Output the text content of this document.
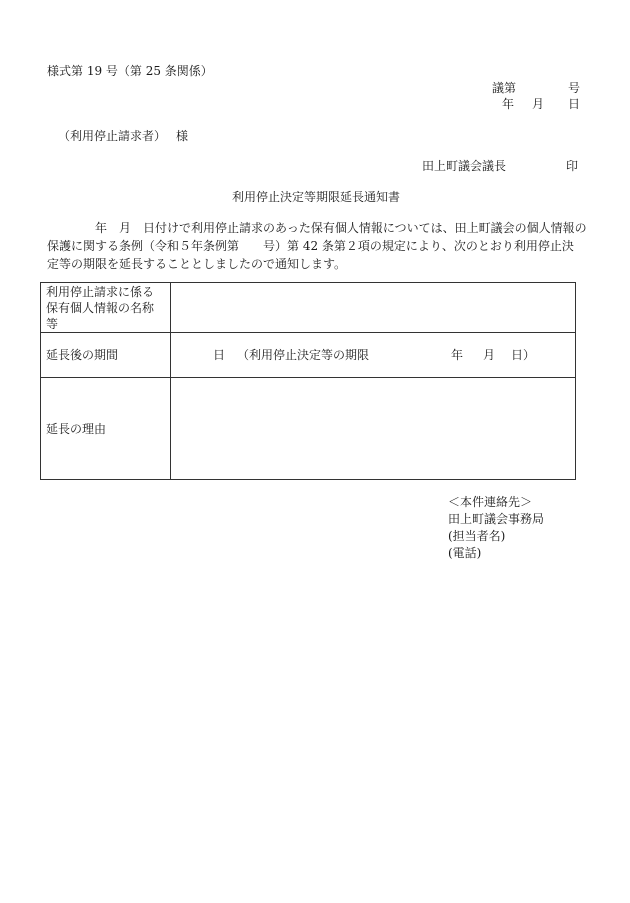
様式第 19 号（第 25 条関係）
議第	号
年 月 日
（利用停止請求者） 様
田上町議会議長	印
利用停止決定等期限延長通知書
年　月　日付けで利用停止請求のあった保有個人情報については、田上町議会の個人情報の
保護に関する条例（令和５年条例第　　号）第 42 条第２項の規定により、次のとおり利用停止決
定等の期限を延長することとしましたので通知します。
利用停止請求に係る
保有個人情報の名称
等	

延長後の期間	日 （利用停止決定等の期限 年 月 日）

延長の理由	
＜本件連絡先＞
田上町議会事務局
(担当者名)
(電話)
